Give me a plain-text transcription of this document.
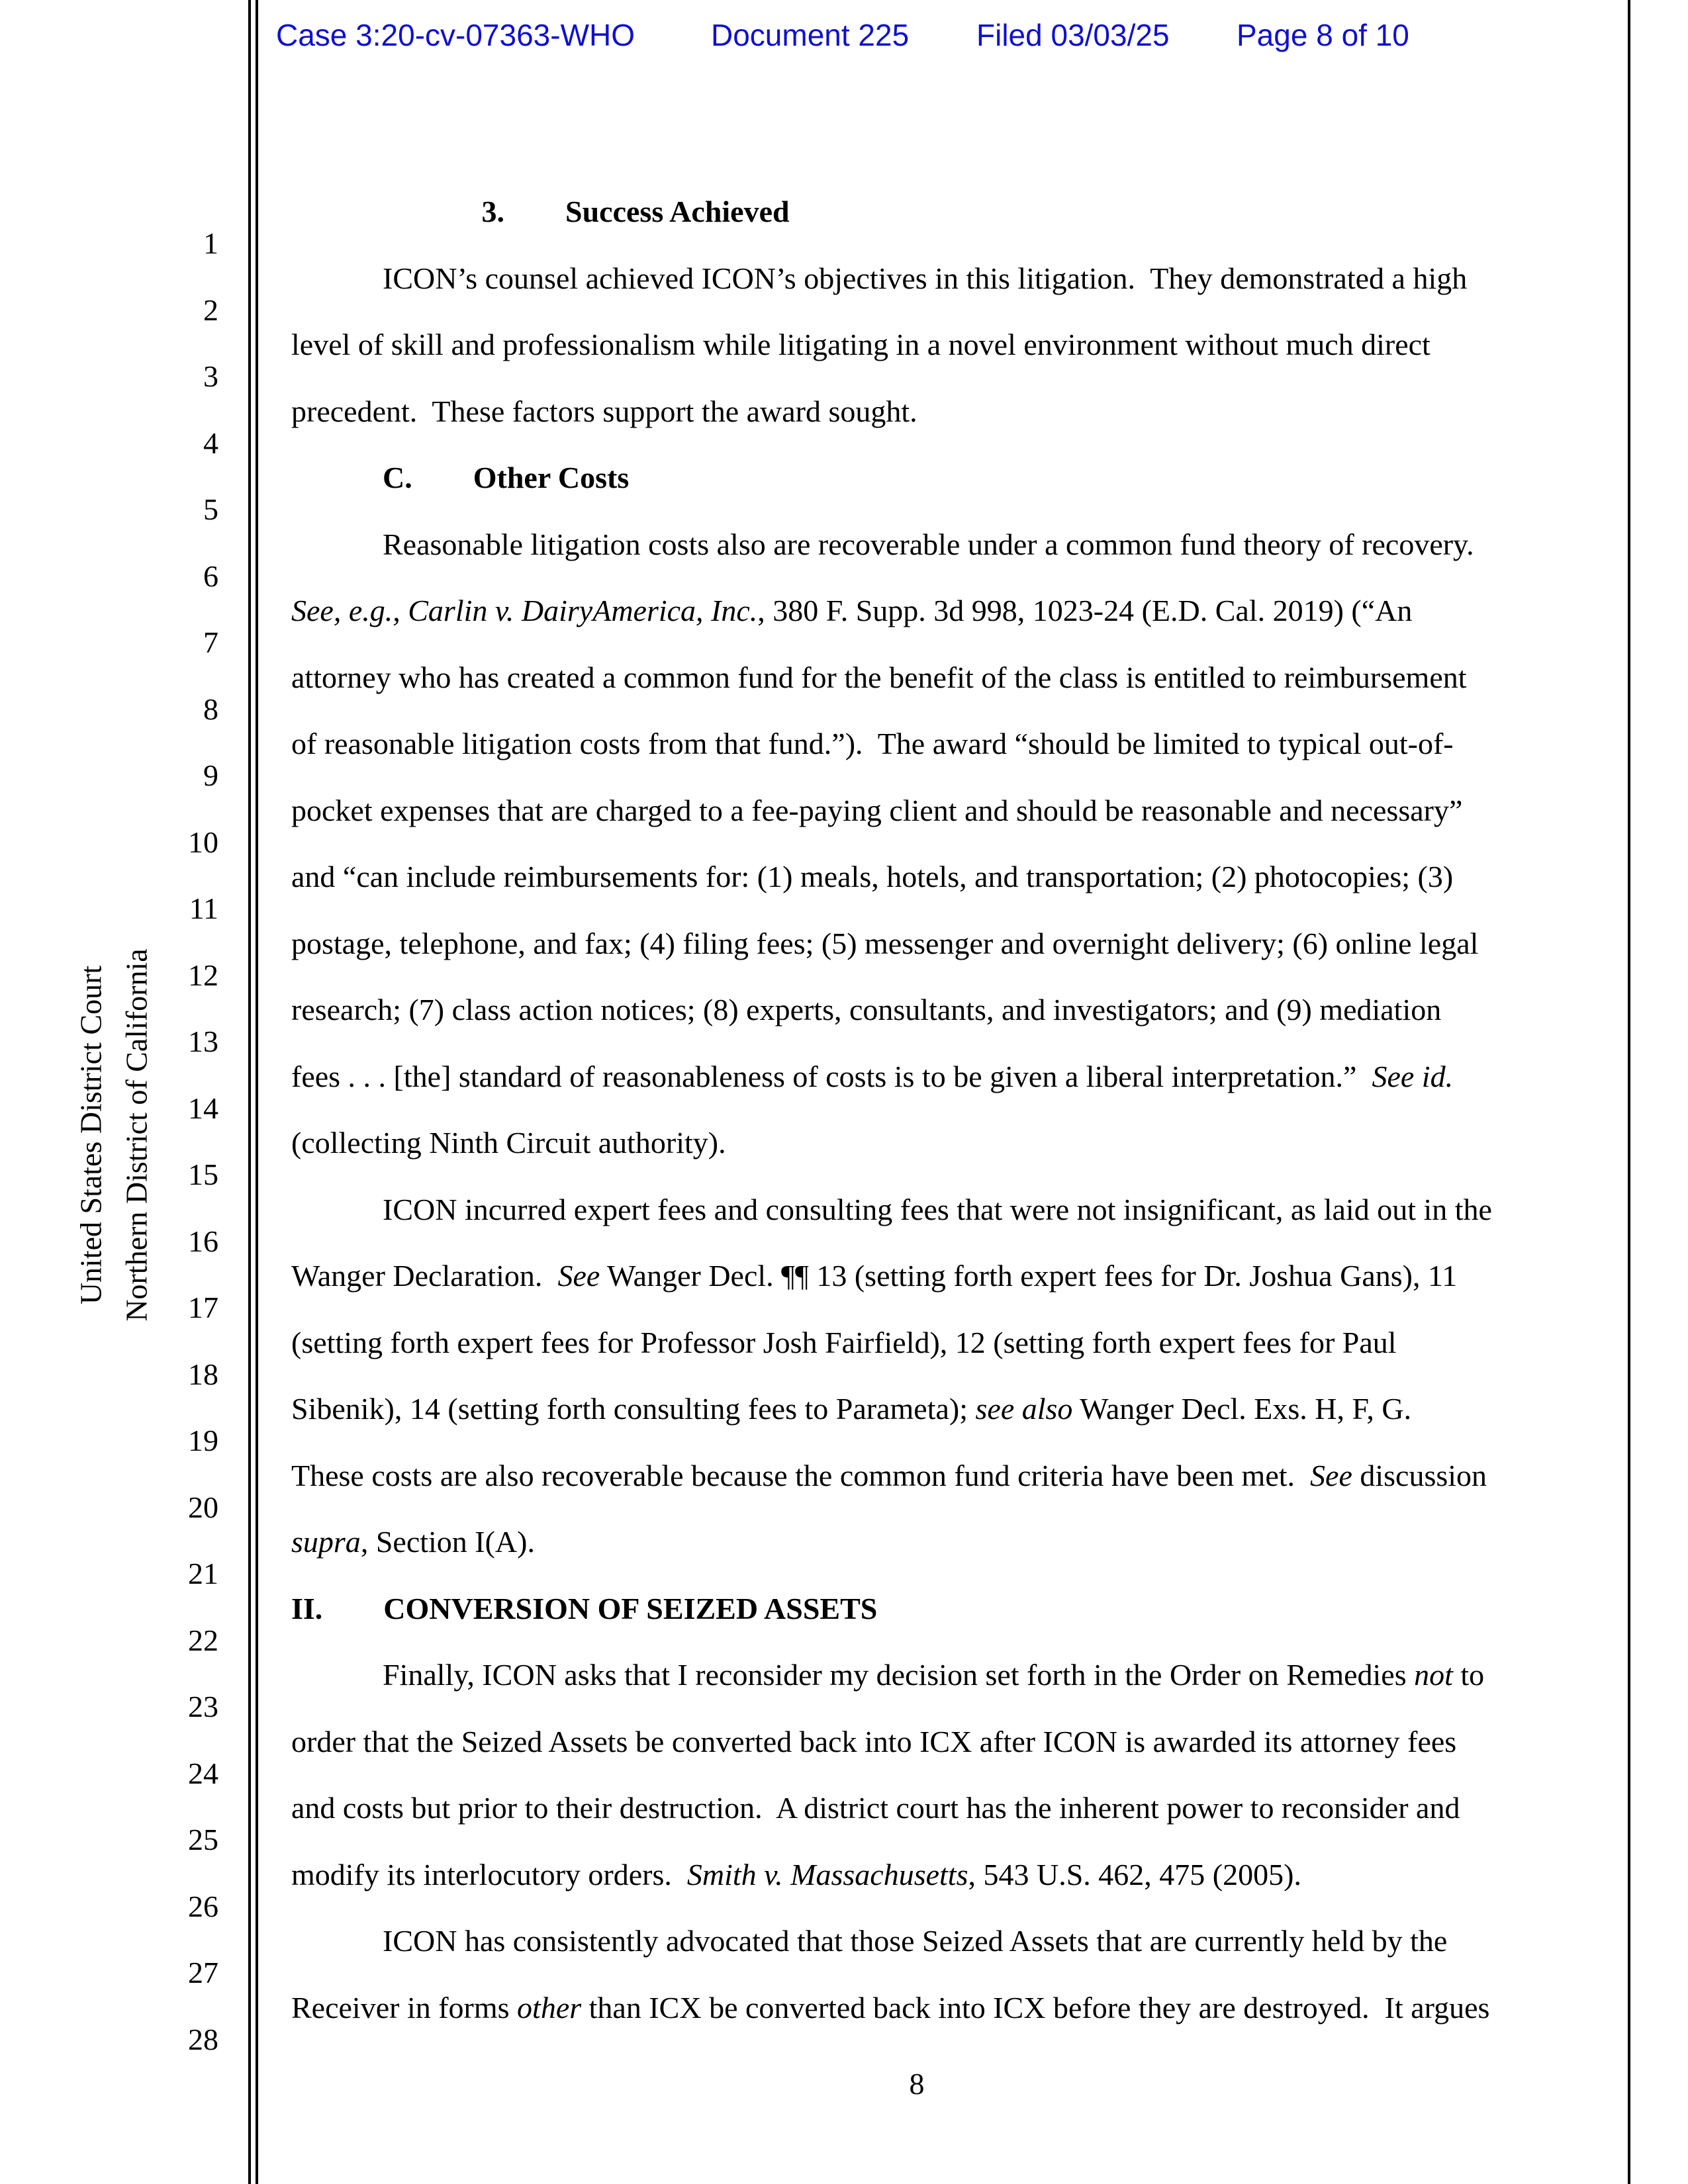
Case 3:20-cv-07363-WHO	Document 225 Filed 03/03/25 Page 8 of 10
United States District Court Northern District of California
1
2
3
4
5
6
7
8
9
10
11
12
13
14
15
16
17
18
19
20
21
22
23
24
25
26
27
28
       3.  Success Achieved
   ICON’s counsel achieved ICON’s objectives in this litigation.  They demonstrated a high
level of skill and professionalism while litigating in a novel environment without much direct
precedent.  These factors support the award sought.
   C.  Other Costs
   Reasonable litigation costs also are recoverable under a common fund theory of recovery.
See, e.g., Carlin v. DairyAmerica, Inc., 380 F. Supp. 3d 998, 1023-24 (E.D. Cal. 2019) (“An
attorney who has created a common fund for the benefit of the class is entitled to reimbursement
of reasonable litigation costs from that fund.”).  The award “should be limited to typical out-of-
pocket expenses that are charged to a fee-paying client and should be reasonable and necessary”
and “can include reimbursements for: (1) meals, hotels, and transportation; (2) photocopies; (3)
postage, telephone, and fax; (4) filing fees; (5) messenger and overnight delivery; (6) online legal
research; (7) class action notices; (8) experts, consultants, and investigators; and (9) mediation
fees . . . [the] standard of reasonableness of costs is to be given a liberal interpretation.”  See id.
(collecting Ninth Circuit authority).
   ICON incurred expert fees and consulting fees that were not insignificant, as laid out in the
Wanger Declaration.  See Wanger Decl. ¶¶ 13 (setting forth expert fees for Dr. Joshua Gans), 11
(setting forth expert fees for Professor Josh Fairfield), 12 (setting forth expert fees for Paul
Sibenik), 14 (setting forth consulting fees to Parameta); see also Wanger Decl. Exs. H, F, G.
These costs are also recoverable because the common fund criteria have been met.  See discussion
supra, Section I(A).
II.  CONVERSION OF SEIZED ASSETS
   Finally, ICON asks that I reconsider my decision set forth in the Order on Remedies not to
order that the Seized Assets be converted back into ICX after ICON is awarded its attorney fees
and costs but prior to their destruction.  A district court has the inherent power to reconsider and
modify its interlocutory orders.  Smith v. Massachusetts, 543 U.S. 462, 475 (2005).
   ICON has consistently advocated that those Seized Assets that are currently held by the
Receiver in forms other than ICX be converted back into ICX before they are destroyed.  It argues
8
